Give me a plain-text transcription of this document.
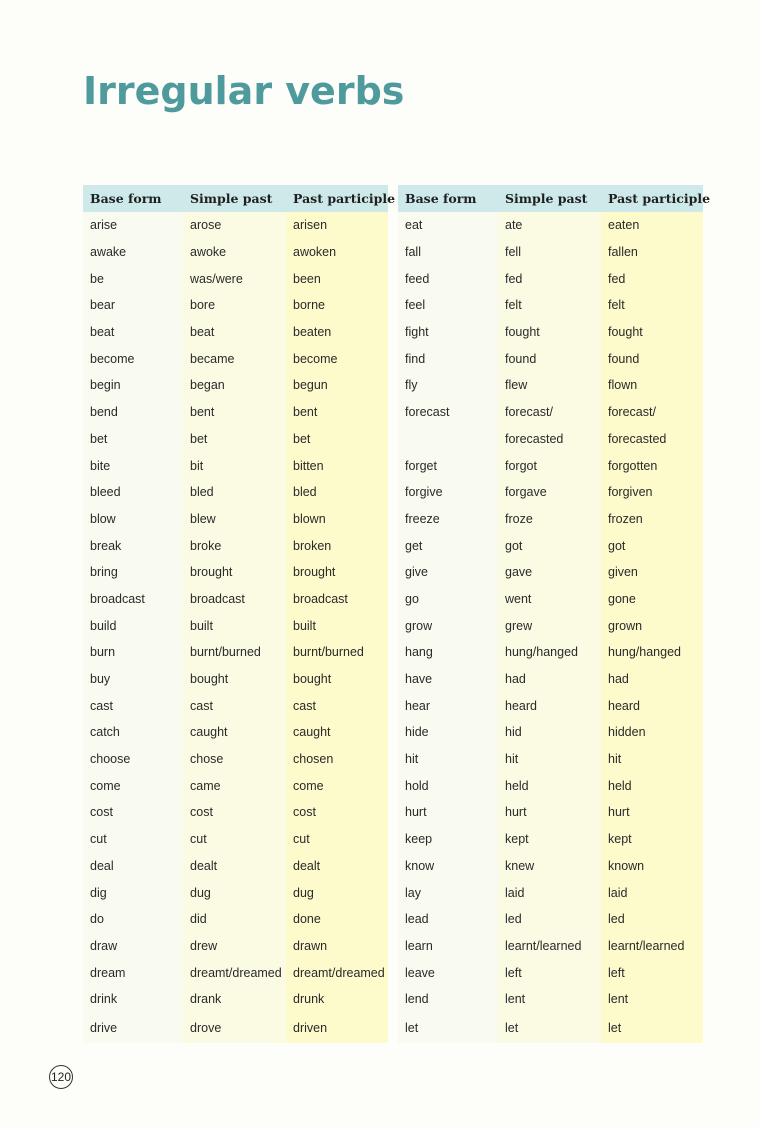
Irregular verbs
Base form	Simple past	Past participle
arise	arose	arisen
awake	awoke	awoken
be	was/were	been
bear	bore	borne
beat	beat	beaten
become	became	become
begin	began	begun
bend	bent	bent
bet	bet	bet
bite	bit	bitten
bleed	bled	bled
blow	blew	blown
break	broke	broken
bring	brought	brought
broadcast	broadcast	broadcast
build	built	built
burn	burnt/burned	burnt/burned
buy	bought	bought
cast	cast	cast
catch	caught	caught
choose	chose	chosen
come	came	come
cost	cost	cost
cut	cut	cut
deal	dealt	dealt
dig	dug	dug
do	did	done
draw	drew	drawn
dream	dreamt/dreamed	dreamt/dreamed
drink	drank	drunk
drive	drove	driven
Base form	Simple past	Past participle
eat	ate	eaten
fall	fell	fallen
feed	fed	fed
feel	felt	felt
fight	fought	fought
find	found	found
fly	flew	flown
forecast	forecast/	forecast/
	forecasted	forecasted
forget	forgot	forgotten
forgive	forgave	forgiven
freeze	froze	frozen
get	got	got
give	gave	given
go	went	gone
grow	grew	grown
hang	hung/hanged	hung/hanged
have	had	had
hear	heard	heard
hide	hid	hidden
hit	hit	hit
hold	held	held
hurt	hurt	hurt
keep	kept	kept
know	knew	known
lay	laid	laid
lead	led	led
learn	learnt/learned	learnt/learned
leave	left	left
lend	lent	lent
let	let	let
120
